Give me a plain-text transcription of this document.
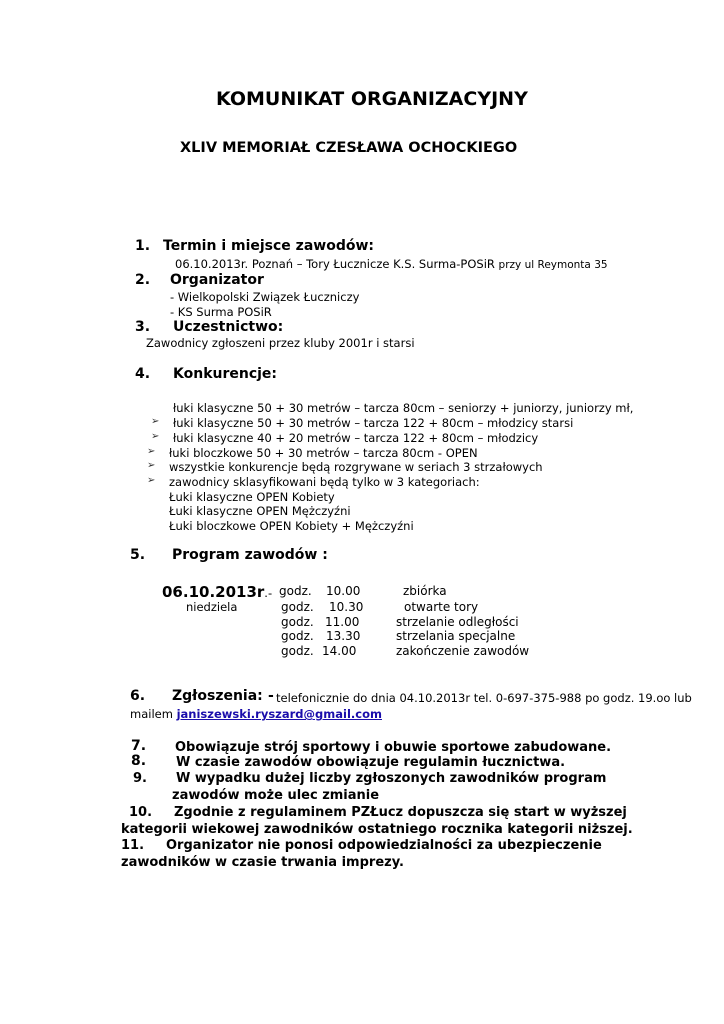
KOMUNIKAT ORGANIZACYJNY
XLIV MEMORIAŁ CZESŁAWA OCHOCKIEGO
1. Termin i miejsce zawodów:
06.10.2013r. Poznań – Tory Łucznicze K.S. Surma-POSiR przy ul Reymonta 35
2. Organizator
- Wielkopolski Związek Łuczniczy
- KS Surma POSiR
3. Uczestnictwo:
Zawodnicy zgłoszeni przez kluby 2001r i starsi
4. Konkurencje:
łuki klasyczne 50 + 30 metrów – tarcza 80cm – seniorzy + juniorzy, juniorzy mł,
➢ łuki klasyczne 50 + 30 metrów – tarcza 122 + 80cm – młodzicy starsi
➢ łuki klasyczne 40 + 20 metrów – tarcza 122 + 80cm – młodzicy
➢ łuki bloczkowe 50 + 30 metrów – tarcza 80cm - OPEN
➢ wszystkie konkurencje będą rozgrywane w seriach 3 strzałowych
➢ zawodnicy sklasyfikowani będą tylko w 3 kategoriach:
Łuki klasyczne OPEN Kobiety
Łuki klasyczne OPEN Mężczyźni
Łuki bloczkowe OPEN Kobiety + Mężczyźni
5. Program zawodów :
06.10.2013r.-
niedziela
godz. 10.00	zbiórka
godz. 10.30	otwarte tory
godz. 11.00	strzelanie odległości
godz. 13.30	strzelania specjalne
godz. 14.00	zakończenie zawodów
6. Zgłoszenia: - telefonicznie do dnia 04.10.2013r tel. 0-697-375-988 po godz. 19.oo lub
mailem janiszewski.ryszard@gmail.com
7. Obowiązuje strój sportowy i obuwie sportowe zabudowane.
8. W czasie zawodów obowiązuje regulamin łucznictwa.
9. W wypadku dużej liczby zgłoszonych zawodników program
zawodów może ulec zmianie
10. Zgodnie z regulaminem PZŁucz dopuszcza się start w wyższej
kategorii wiekowej zawodników ostatniego rocznika kategorii niższej.
11. Organizator nie ponosi odpowiedzialności za ubezpieczenie
zawodników w czasie trwania imprezy.
